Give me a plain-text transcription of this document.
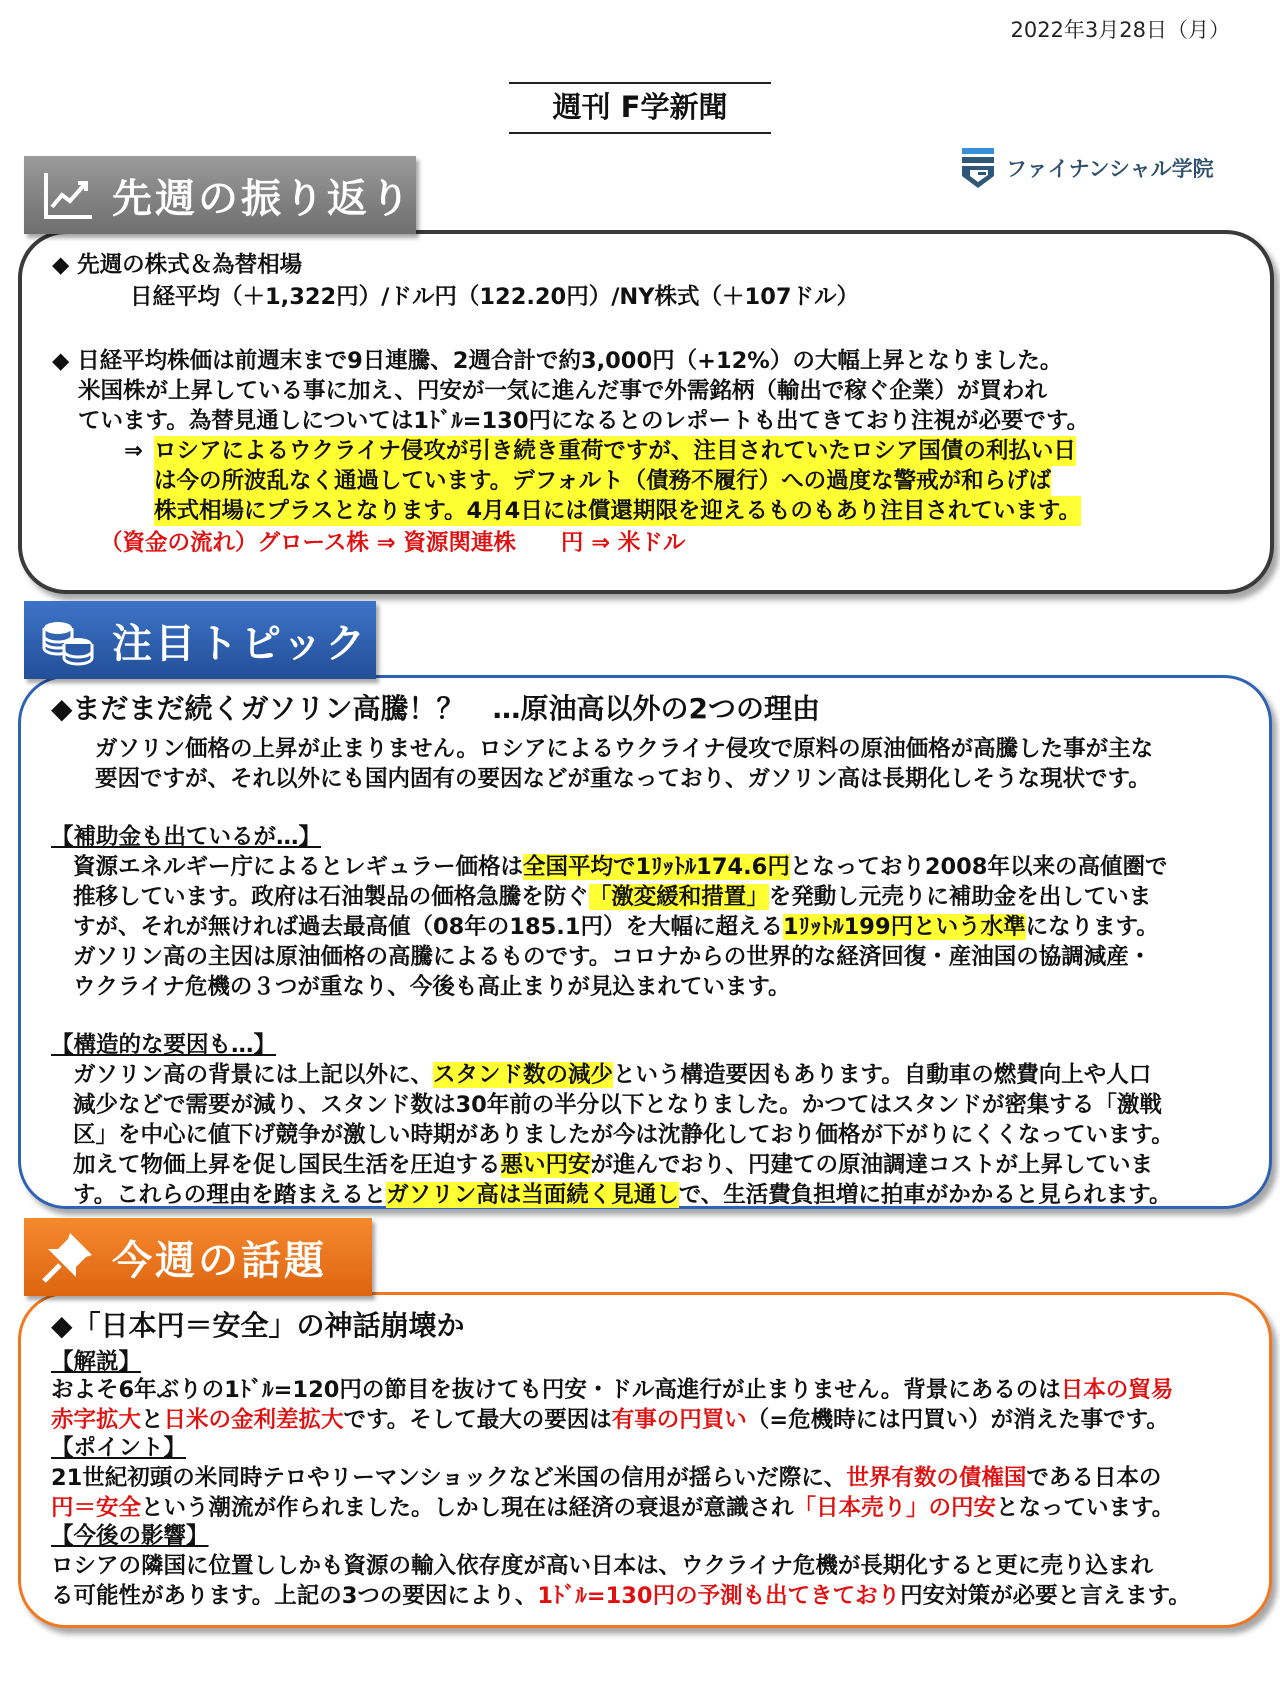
2022年3月28日（月）
週刊 F学新聞
ファイナンシャル学院
先週の振り返り
◆ 先週の株式＆為替相場
日経平均（＋1,322円）/ドル円（122.20円）/NY株式（＋107ドル）
◆ 日経平均株価は前週末まで9日連騰、2週合計で約3,000円（+12%）の大幅上昇となりました。
米国株が上昇している事に加え、円安が一気に進んだ事で外需銘柄（輸出で稼ぐ企業）が買われ
ています。為替見通しについては1ﾄﾞﾙ=130円になるとのレポートも出てきており注視が必要です。
⇒ ロシアによるウクライナ侵攻が引き続き重荷ですが、注目されていたロシア国債の利払い日
は今の所波乱なく通過しています。デフォルト（債務不履行）への過度な警戒が和らげば
株式相場にプラスとなります。4月4日には償還期限を迎えるものもあり注目されています。
（資金の流れ）グロース株 ⇒ 資源関連株　　円 ⇒ 米ドル
注目トピック
◆まだまだ続くガソリン高騰！？　…原油高以外の2つの理由
ガソリン価格の上昇が止まりません。ロシアによるウクライナ侵攻で原料の原油価格が高騰した事が主な
要因ですが、それ以外にも国内固有の要因などが重なっており、ガソリン高は長期化しそうな現状です。
【補助金も出ているが…】
資源エネルギー庁によるとレギュラー価格は全国平均で1ﾘｯﾄﾙ174.6円となっており2008年以来の高値圏で
推移しています。政府は石油製品の価格急騰を防ぐ「激変緩和措置」を発動し元売りに補助金を出していま
すが、それが無ければ過去最高値（08年の185.1円）を大幅に超える1ﾘｯﾄﾙ199円という水準になります。
ガソリン高の主因は原油価格の高騰によるものです。コロナからの世界的な経済回復・産油国の協調減産・
ウクライナ危機の３つが重なり、今後も高止まりが見込まれています。
【構造的な要因も…】
ガソリン高の背景には上記以外に、スタンド数の減少という構造要因もあります。自動車の燃費向上や人口
減少などで需要が減り、スタンド数は30年前の半分以下となりました。かつてはスタンドが密集する「激戦
区」を中心に値下げ競争が激しい時期がありましたが今は沈静化しており価格が下がりにくくなっています。
加えて物価上昇を促し国民生活を圧迫する悪い円安が進んでおり、円建ての原油調達コストが上昇していま
す。これらの理由を踏まえるとガソリン高は当面続く見通しで、生活費負担増に拍車がかかると見られます。
今週の話題
◆「日本円＝安全」の神話崩壊か
【解説】
およそ6年ぶりの1ﾄﾞﾙ=120円の節目を抜けても円安・ドル高進行が止まりません。背景にあるのは日本の貿易
赤字拡大と日米の金利差拡大です。そして最大の要因は有事の円買い（=危機時には円買い）が消えた事です。
【ポイント】
21世紀初頭の米同時テロやリーマンショックなど米国の信用が揺らいだ際に、世界有数の債権国である日本の
円＝安全という潮流が作られました。しかし現在は経済の衰退が意識され「日本売り」の円安となっています。
【今後の影響】
ロシアの隣国に位置ししかも資源の輸入依存度が高い日本は、ウクライナ危機が長期化すると更に売り込まれ
る可能性があります。上記の3つの要因により、1ﾄﾞﾙ=130円の予測も出てきており円安対策が必要と言えます。
